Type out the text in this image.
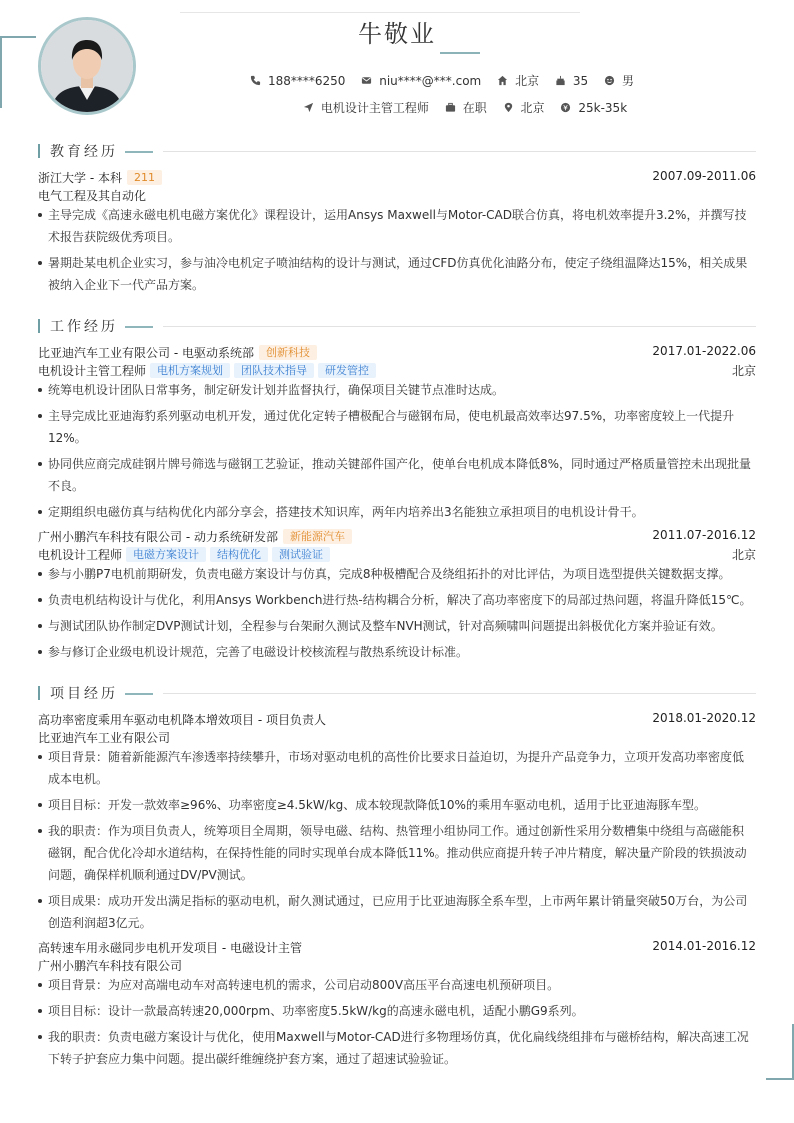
牛敬业
188****6250
	niu****@***.com
	北京
	35
	男
电机设计主管工程师
	在职
	北京
	25k-35k
教育经历
浙江大学 - 本科 211	2007.09-2011.06
电气工程及其自动化
主导完成《高速永磁电机电磁方案优化》课程设计，运用Ansys Maxwell与Motor-CAD联合仿真，将电机效率提升3.2%，并撰写技术报告获院级优秀项目。
暑期赴某电机企业实习，参与油冷电机定子喷油结构的设计与测试，通过CFD仿真优化油路分布，使定子绕组温降达15%，相关成果被纳入企业下一代产品方案。
工作经历
比亚迪汽车工业有限公司 - 电驱动系统部 创新科技	2017.01-2022.06
电机设计主管工程师 电机方案规划 团队技术指导 研发管控	北京
统筹电机设计团队日常事务，制定研发计划并监督执行，确保项目关键节点准时达成。
主导完成比亚迪海豹系列驱动电机开发，通过优化定转子槽极配合与磁钢布局，使电机最高效率达97.5%，功率密度较上一代提升12%。
协同供应商完成硅钢片牌号筛选与磁钢工艺验证，推动关键部件国产化，使单台电机成本降低8%，同时通过严格质量管控未出现批量不良。
定期组织电磁仿真与结构优化内部分享会，搭建技术知识库，两年内培养出3名能独立承担项目的电机设计骨干。
广州小鹏汽车科技有限公司 - 动力系统研发部 新能源汽车	2011.07-2016.12
电机设计工程师 电磁方案设计 结构优化 测试验证	北京
参与小鹏P7电机前期研发，负责电磁方案设计与仿真，完成8种极槽配合及绕组拓扑的对比评估，为项目选型提供关键数据支撑。
负责电机结构设计与优化，利用Ansys Workbench进行热-结构耦合分析，解决了高功率密度下的局部过热问题，将温升降低15℃。
与测试团队协作制定DVP测试计划，全程参与台架耐久测试及整车NVH测试，针对高频啸叫问题提出斜极优化方案并验证有效。
参与修订企业级电机设计规范，完善了电磁设计校核流程与散热系统设计标准。
项目经历
高功率密度乘用车驱动电机降本增效项目 - 项目负责人	2018.01-2020.12
比亚迪汽车工业有限公司
项目背景：随着新能源汽车渗透率持续攀升，市场对驱动电机的高性价比要求日益迫切，为提升产品竞争力，立项开发高功率密度低成本电机。
项目目标：开发一款效率≥96%、功率密度≥4.5kW/kg、成本较现款降低10%的乘用车驱动电机，适用于比亚迪海豚车型。
我的职责：作为项目负责人，统筹项目全周期，领导电磁、结构、热管理小组协同工作。通过创新性采用分数槽集中绕组与高磁能积磁钢，配合优化冷却水道结构，在保持性能的同时实现单台成本降低11%。推动供应商提升转子冲片精度，解决量产阶段的铁损波动问题，确保样机顺利通过DV/PV测试。
项目成果：成功开发出满足指标的驱动电机，耐久测试通过，已应用于比亚迪海豚全系车型，上市两年累计销量突破50万台，为公司创造利润超3亿元。
高转速车用永磁同步电机开发项目 - 电磁设计主管	2014.01-2016.12
广州小鹏汽车科技有限公司
项目背景：为应对高端电动车对高转速电机的需求，公司启动800V高压平台高速电机预研项目。
项目目标：设计一款最高转速20,000rpm、功率密度5.5kW/kg的高速永磁电机，适配小鹏G9系列。
我的职责：负责电磁方案设计与优化，使用Maxwell与Motor-CAD进行多物理场仿真，优化扁线绕组排布与磁桥结构，解决高速工况下转子护套应力集中问题。提出碳纤维缠绕护套方案，通过了超速试验验证。
